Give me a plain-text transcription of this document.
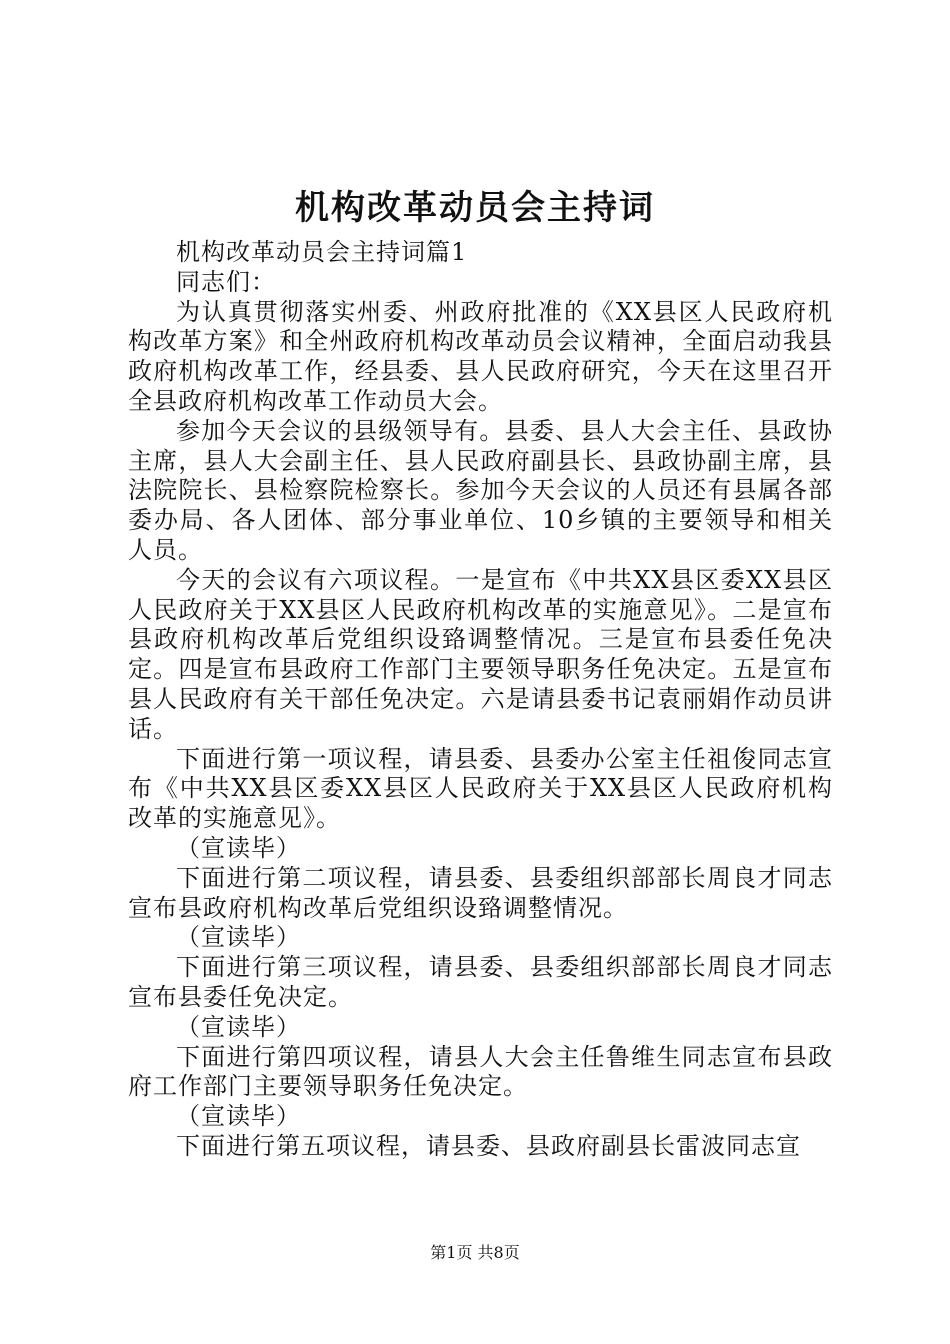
机构改革动员会主持词

机构改革动员会主持词篇1

同志们：

为认真贯彻落实州委、州政府批准的《XX县区人民政府机构改革方案》和全州政府机构改革动员会议精神，全面启动我县政府机构改革工作，经县委、县人民政府研究，今天在这里召开全县政府机构改革工作动员大会。

参加今天会议的县级领导有。县委、县人大会主任、县政协主席，县人大会副主任、县人民政府副县长、县政协副主席，县法院院长、县检察院检察长。参加今天会议的人员还有县属各部委办局、各人团体、部分事业单位、10乡镇的主要领导和相关人员。

今天的会议有六项议程。一是宣布《中共XX县区委XX县区人民政府关于XX县区人民政府机构改革的实施意见》。二是宣布县政府机构改革后党组织设臵调整情况。三是宣布县委任免决定。四是宣布县政府工作部门主要领导职务任免决定。五是宣布县人民政府有关干部任免决定。六是请县委书记袁丽娟作动员讲话。

下面进行第一项议程，请县委、县委办公室主任祖俊同志宣布《中共XX县区委XX县区人民政府关于XX县区人民政府机构改革的实施意见》。

（宣读毕）

下面进行第二项议程，请县委、县委组织部部长周良才同志宣布县政府机构改革后党组织设臵调整情况。

（宣读毕）

下面进行第三项议程，请县委、县委组织部部长周良才同志宣布县委任免决定。

（宣读毕）

下面进行第四项议程，请县人大会主任鲁维生同志宣布县政府工作部门主要领导职务任免决定。

（宣读毕）

下面进行第五项议程，请县委、县政府副县长雷波同志宣

第1页 共8页
